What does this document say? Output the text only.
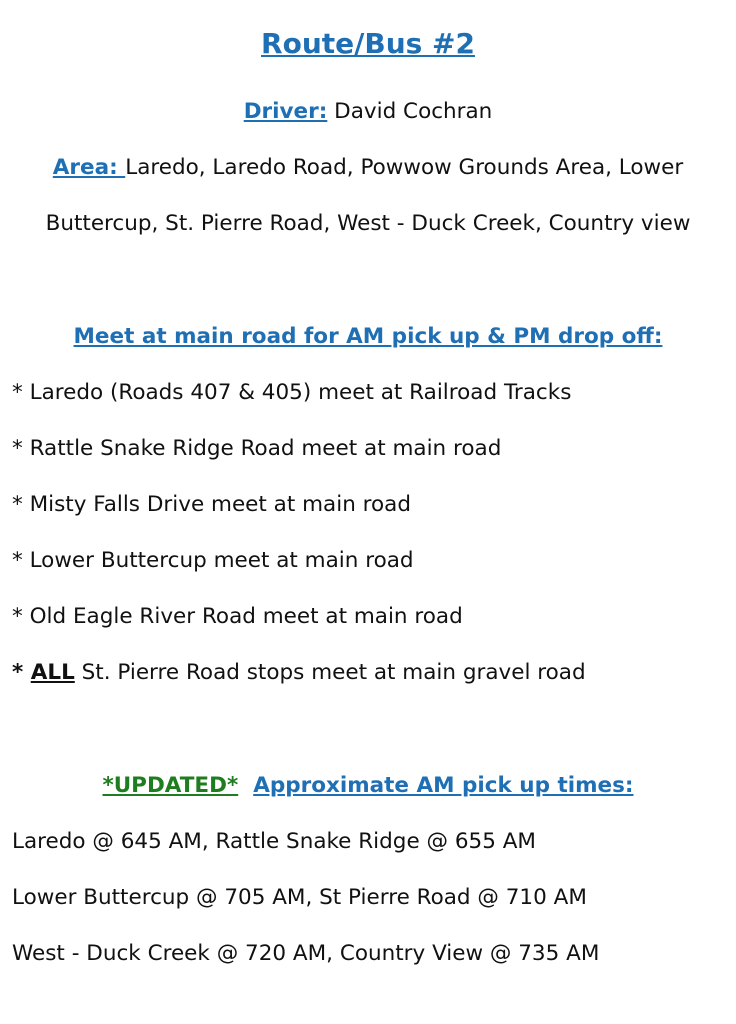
Route/Bus #2
Driver: David Cochran
Area: Laredo, Laredo Road, Powwow Grounds Area, Lower
Buttercup, St. Pierre Road, West - Duck Creek, Country view
Meet at main road for AM pick up & PM drop off:
* Laredo (Roads 407 & 405) meet at Railroad Tracks
* Rattle Snake Ridge Road meet at main road
* Misty Falls Drive meet at main road
* Lower Buttercup meet at main road
* Old Eagle River Road meet at main road
* ALL St. Pierre Road stops meet at main gravel road
*UPDATED* Approximate AM pick up times:
Laredo @ 645 AM, Rattle Snake Ridge @ 655 AM
Lower Buttercup @ 705 AM, St Pierre Road @ 710 AM
West - Duck Creek @ 720 AM, Country View @ 735 AM
